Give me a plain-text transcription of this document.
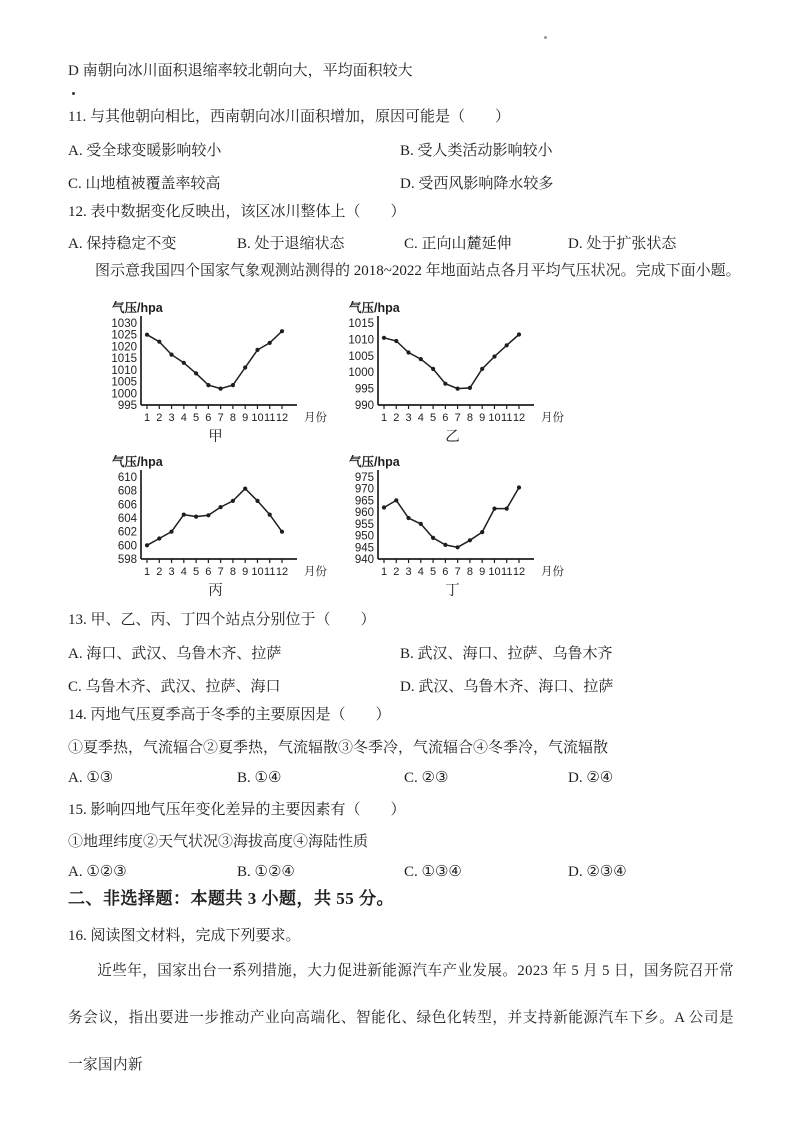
D 南朝向冰川面积退缩率较北朝向大，平均面积较大
11. 与其他朝向相比，西南朝向冰川面积增加，原因可能是（　　）
A. 受全球变暖影响较小	B. 受人类活动影响较小
C. 山地植被覆盖率较高	D. 受西风影响降水较多
12. 表中数据变化反映出，该区冰川整体上（　　）
A. 保持稳定不变	B. 处于退缩状态	C. 正向山麓延伸	D. 处于扩张状态
图示意我国四个国家气象观测站测得的 2018~2022 年地面站点各月平均气压状况。完成下面小题。
气压/hpa
995
1000
1005
1010
1015
1020
1025
1030
1 2 3 4 5 6 7 8 9 10 11 12 月份
甲
气压/hpa
990
995
1000
1005
1010
1015
1 2 3 4 5 6 7 8 9 10 11 12 月份
乙
气压/hpa
598
600
602
604
606
608
610
1 2 3 4 5 6 7 8 9 10 11 12 月份
丙
气压/hpa
940
945
950
955
960
965
970
975
1 2 3 4 5 6 7 8 9 10 11 12 月份
丁
13. 甲、乙、丙、丁四个站点分别位于（　　）
A. 海口、武汉、乌鲁木齐、拉萨	B. 武汉、海口、拉萨、乌鲁木齐
C. 乌鲁木齐、武汉、拉萨、海口	D. 武汉、乌鲁木齐、海口、拉萨
14. 丙地气压夏季高于冬季的主要原因是（　　）
①夏季热，气流辐合②夏季热，气流辐散③冬季冷，气流辐合④冬季冷，气流辐散
A. ①③	B. ①④	C. ②③	D. ②④
15. 影响四地气压年变化差异的主要因素有（　　）
①地理纬度②天气状况③海拔高度④海陆性质
A. ①②③	B. ①②④	C. ①③④	D. ②③④
二、非选择题：本题共 3 小题，共 55 分。
16. 阅读图文材料，完成下列要求。
近些年，国家出台一系列措施，大力促进新能源汽车产业发展。2023 年 5 月 5 日，国务院召开常务会议，指出要进一步推动产业向高端化、智能化、绿色化转型，并支持新能源汽车下乡。A 公司是一家国内新
